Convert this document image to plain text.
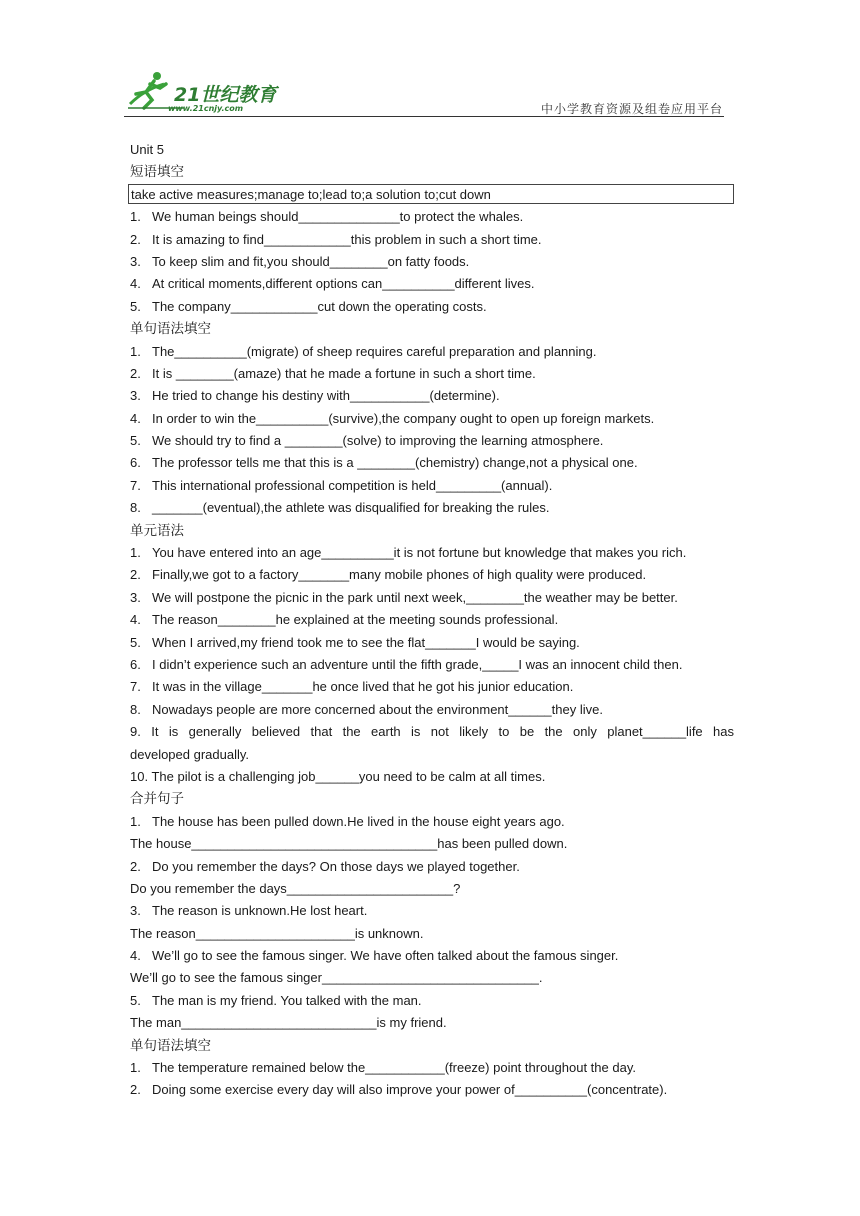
21世纪教育
www.21cnjy.com	中小学教育资源及组卷应用平台
Unit 5
短语填空
take active measures;manage to;lead to;a solution to;cut down
1. We human beings should______________to protect the whales.
2. It is amazing to find____________this problem in such a short time.
3. To keep slim and fit,you should________on fatty foods.
4. At critical moments,different options can__________different lives.
5. The company____________cut down the operating costs.
单句语法填空
1. The__________(migrate) of sheep requires careful preparation and planning.
2. It is ________(amaze) that he made a fortune in such a short time.
3. He tried to change his destiny with___________(determine).
4. In order to win the__________(survive),the company ought to open up foreign markets.
5. We should try to find a ________(solve) to improving the learning atmosphere.
6. The professor tells me that this is a ________(chemistry) change,not a physical one.
7. This international professional competition is held_________(annual).
8. _______(eventual),the athlete was disqualified for breaking the rules.
单元语法
1. You have entered into an age__________it is not fortune but knowledge that makes you rich.
2. Finally,we got to a factory_______many mobile phones of high quality were produced.
3. We will postpone the picnic in the park until next week,________the weather may be better.
4. The reason________he explained at the meeting sounds professional.
5. When I arrived,my friend took me to see the flat_______I would be saying.
6. I didn’t experience such an adventure until the fifth grade,_____I was an innocent child then.
7. It was in the village_______he once lived that he got his junior education.
8. Nowadays people are more concerned about the environment______they live.
9. It is generally believed that the earth is not likely to be the only planet______life has
developed gradually.
10. The pilot is a challenging job______you need to be calm at all times.
合并句子
1. The house has been pulled down.He lived in the house eight years ago.
The house__________________________________has been pulled down.
2. Do you remember the days? On those days we played together.
Do you remember the days_______________________?
3. The reason is unknown.He lost heart.
The reason______________________is unknown.
4. We’ll go to see the famous singer. We have often talked about the famous singer.
We’ll go to see the famous singer______________________________.
5. The man is my friend. You talked with the man.
The man___________________________is my friend.
单句语法填空
1. The temperature remained below the___________(freeze) point throughout the day.
2. Doing some exercise every day will also improve your power of__________(concentrate).
